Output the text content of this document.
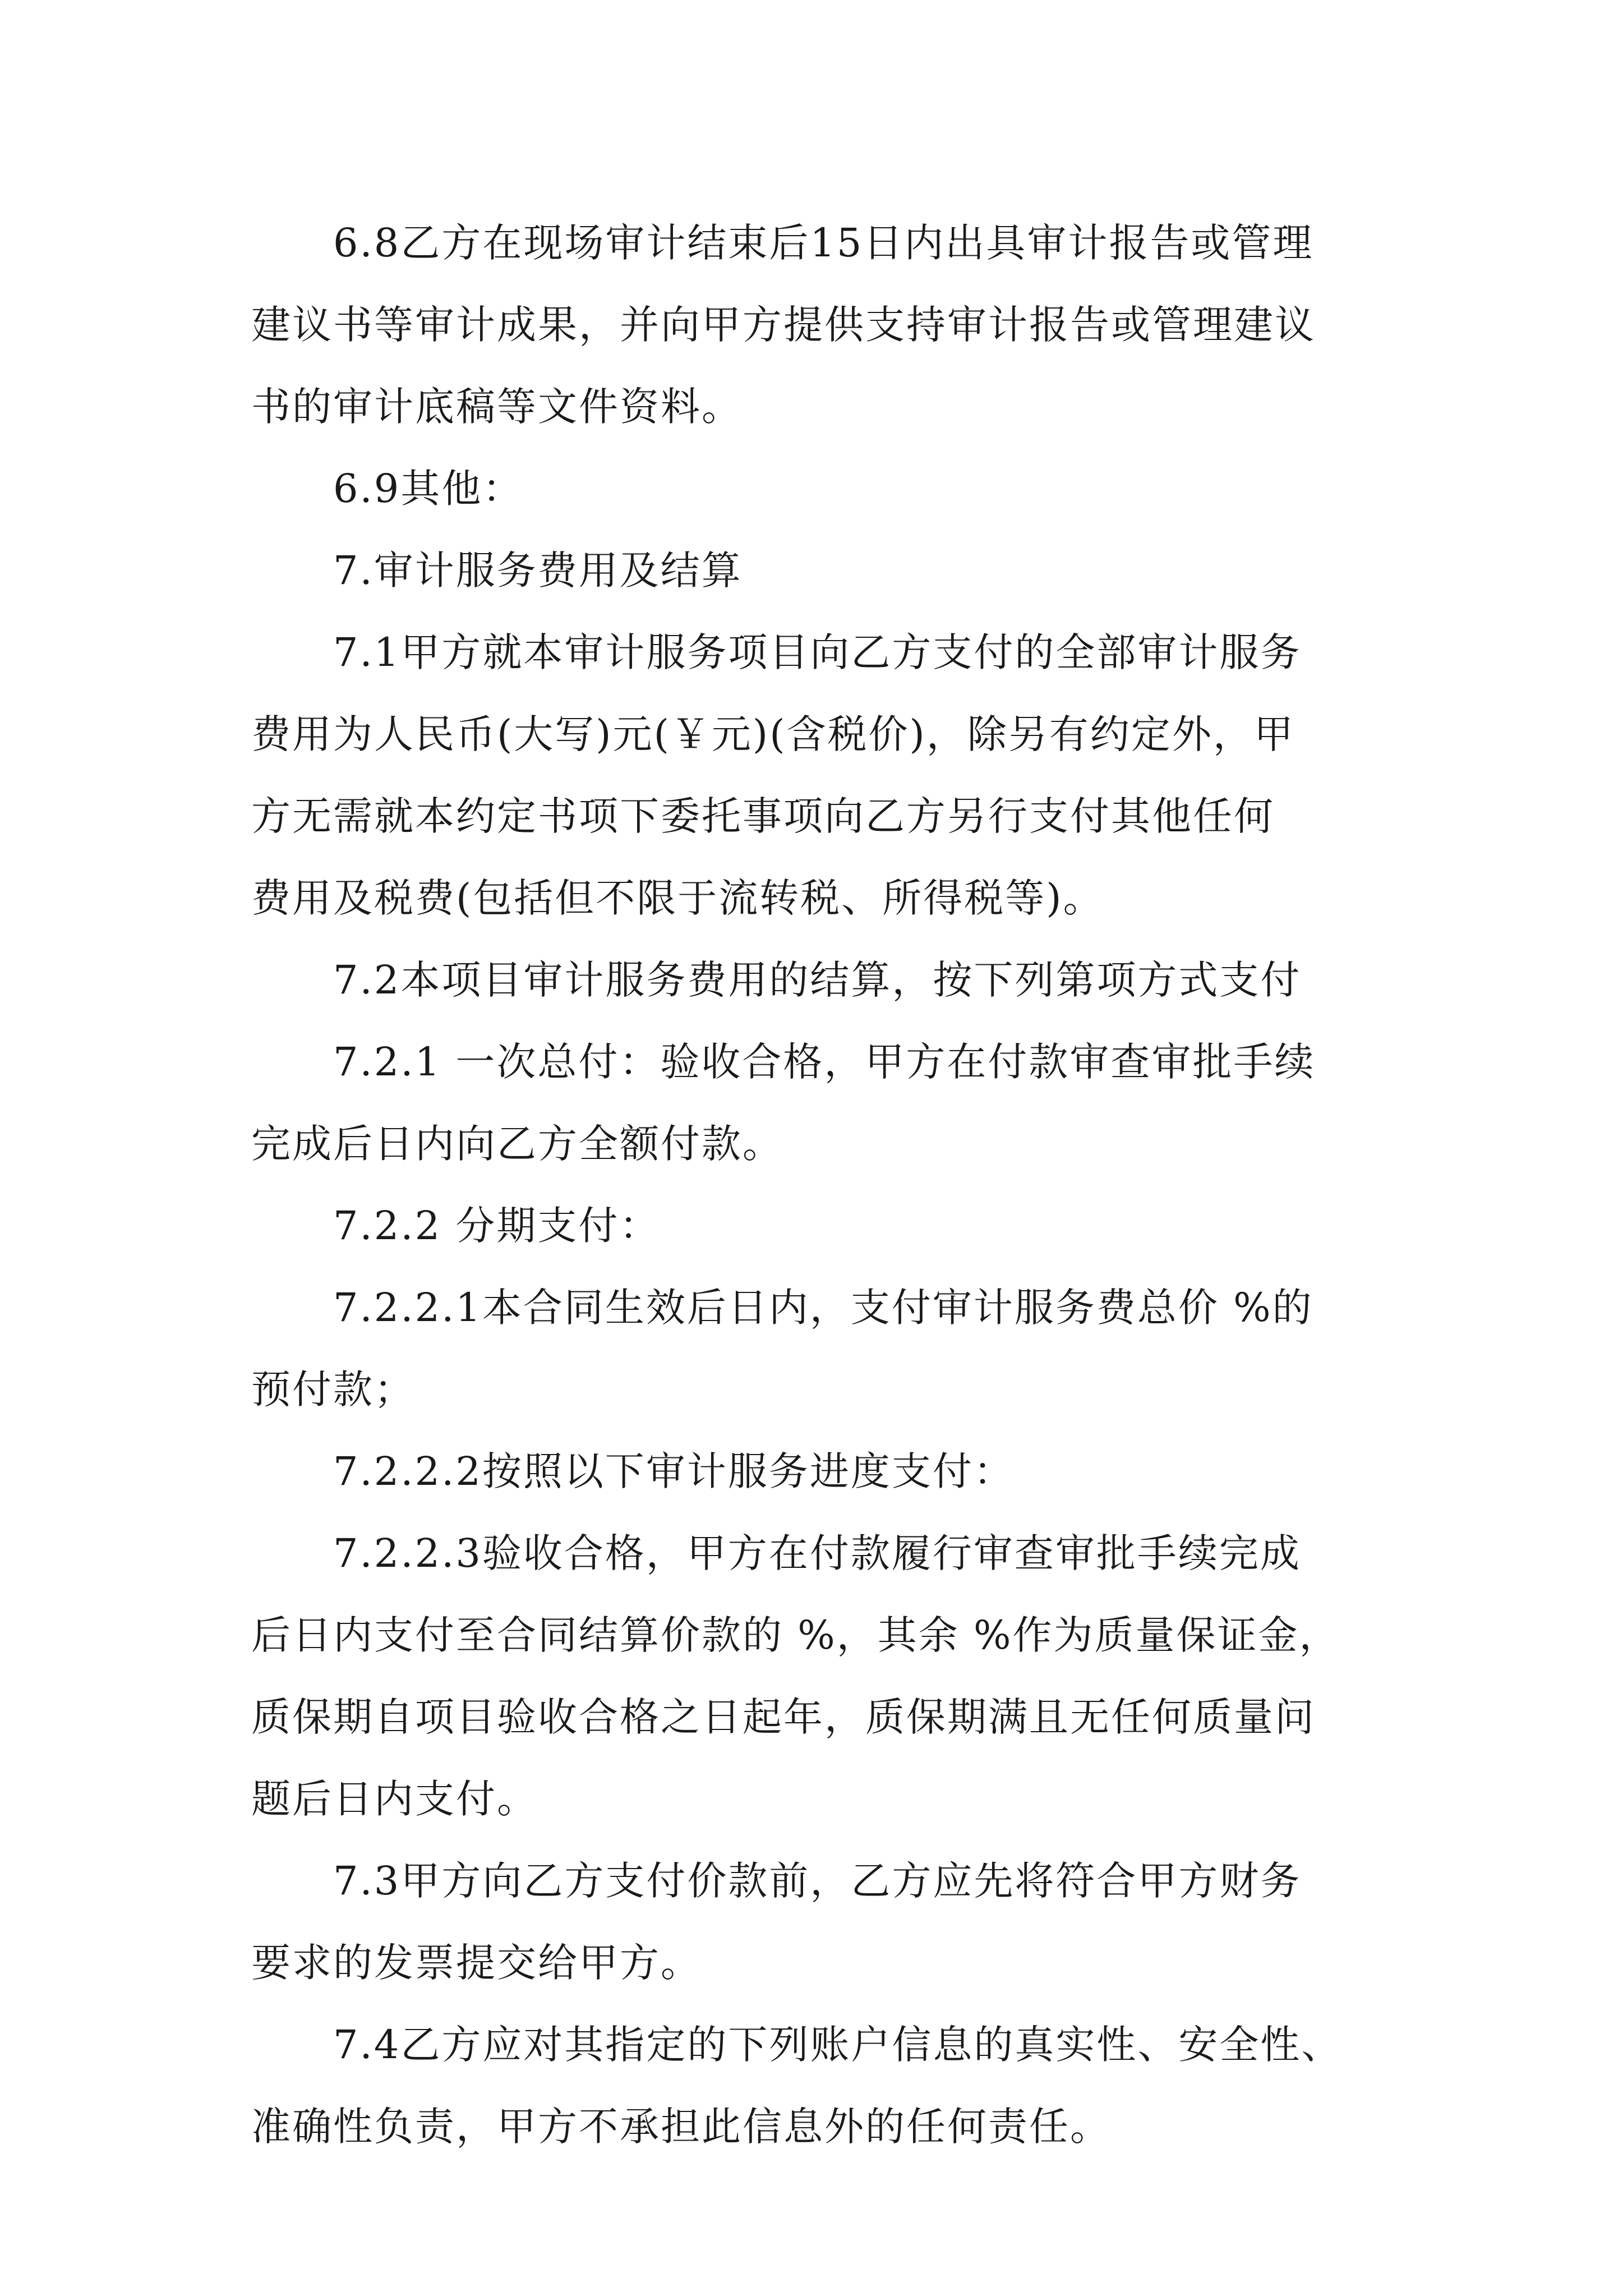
6.8乙方在现场审计结束后15日内出具审计报告或管理
建议书等审计成果，并向甲方提供支持审计报告或管理建议
书的审计底稿等文件资料。
6.9其他：
7.审计服务费用及结算
7.1甲方就本审计服务项目向乙方支付的全部审计服务
费用为人民币(大写)元(￥元)(含税价)，除另有约定外，甲
方无需就本约定书项下委托事项向乙方另行支付其他任何
费用及税费(包括但不限于流转税、所得税等)。
7.2本项目审计服务费用的结算，按下列第项方式支付
7.2.1 一次总付：验收合格，甲方在付款审查审批手续
完成后日内向乙方全额付款。
7.2.2 分期支付：
7.2.2.1本合同生效后日内，支付审计服务费总价 %的
预付款；
7.2.2.2按照以下审计服务进度支付：
7.2.2.3验收合格，甲方在付款履行审查审批手续完成
后日内支付至合同结算价款的 %，其余 %作为质量保证金，
质保期自项目验收合格之日起年，质保期满且无任何质量问
题后日内支付。
7.3甲方向乙方支付价款前，乙方应先将符合甲方财务
要求的发票提交给甲方。
7.4乙方应对其指定的下列账户信息的真实性、安全性、
准确性负责，甲方不承担此信息外的任何责任。
